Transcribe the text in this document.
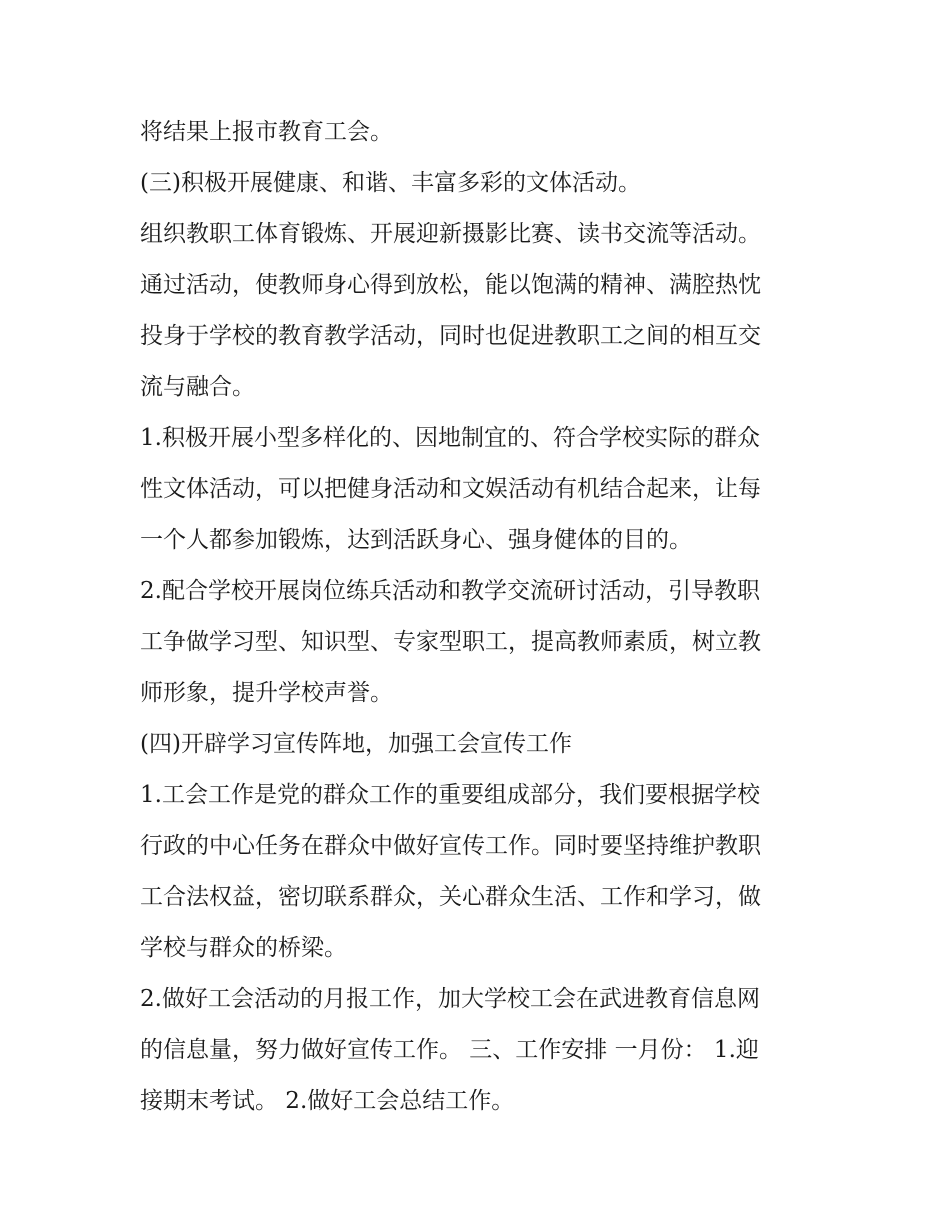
将结果上报市教育工会。

(三)积极开展健康、和谐、丰富多彩的文体活动。

组织教职工体育锻炼、开展迎新摄影比赛、读书交流等活动。
通过活动，使教师身心得到放松，能以饱满的精神、满腔热忱
投身于学校的教育教学活动，同时也促进教职工之间的相互交
流与融合。

1.积极开展小型多样化的、因地制宜的、符合学校实际的群众
性文体活动，可以把健身活动和文娱活动有机结合起来，让每
一个人都参加锻炼，达到活跃身心、强身健体的目的。

2.配合学校开展岗位练兵活动和教学交流研讨活动，引导教职
工争做学习型、知识型、专家型职工，提高教师素质，树立教
师形象，提升学校声誉。

(四)开辟学习宣传阵地，加强工会宣传工作

1.工会工作是党的群众工作的重要组成部分，我们要根据学校
行政的中心任务在群众中做好宣传工作。同时要坚持维护教职
工合法权益，密切联系群众，关心群众生活、工作和学习，做
学校与群众的桥梁。

2.做好工会活动的月报工作，加大学校工会在武进教育信息网
的信息量，努力做好宣传工作。 三、工作安排 一月份： 1.迎
接期末考试。 2.做好工会总结工作。
